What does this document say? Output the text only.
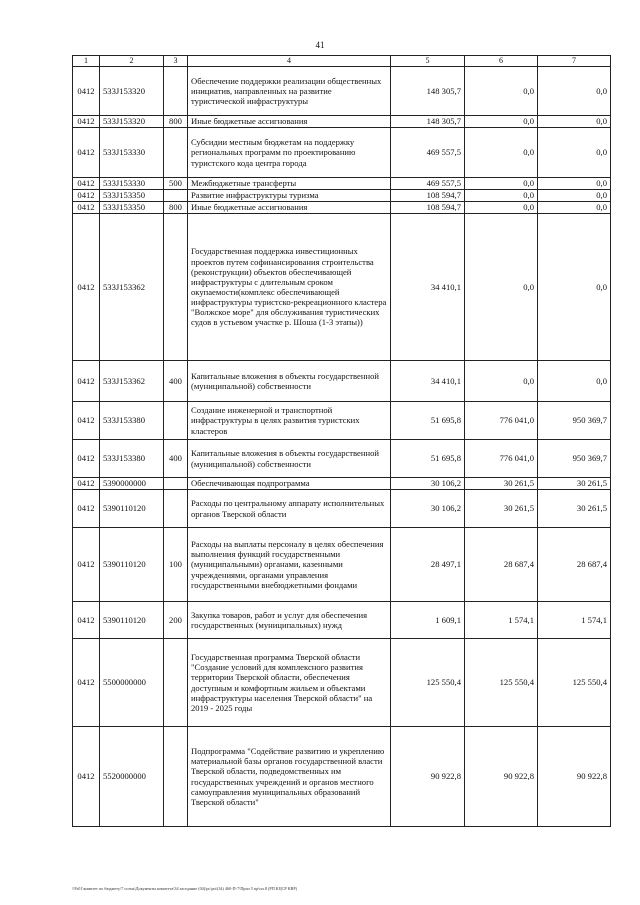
41
1	2	3	4	5	6	7
0412	533J153320		Обеспечение поддержки реализации общественных инициатив, направленных на развитие туристической инфраструктуры	148 305,7	0,0	0,0
0412	533J153320	800	Иные бюджетные ассигнования	148 305,7	0,0	0,0
0412	533J153330		Субсидии местным бюджетам на поддержку региональных программ по проектированию туристского кода центра города	469 557,5	0,0	0,0
0412	533J153330	500	Межбюджетные трансферты	469 557,5	0,0	0,0
0412	533J153350		Развитие инфраструктуры туризма	108 594,7	0,0	0,0
0412	533J153350	800	Иные бюджетные ассигнования	108 594,7	0,0	0,0
0412	533J153362		Государственная поддержка инвестиционных проектов путем софинансирования строительства (реконструкции) объектов обеспечивающей инфраструктуры с длительным сроком окупаемости(комплекс обеспечивающей инфраструктуры туристско-рекреационного кластера "Волжское море" для обслуживания туристических судов в устьевом участке р. Шоша (1-3 этапы))	34 410,1	0,0	0,0
0412	533J153362	400	Капитальные вложения в объекты государственной (муниципальной) собственности	34 410,1	0,0	0,0
0412	533J153380		Создание инженерной и транспортной инфраструктуры в целях развития туристских кластеров	51 695,8	776 041,0	950 369,7
0412	533J153380	400	Капитальные вложения в объекты государственной (муниципальной) собственности	51 695,8	776 041,0	950 369,7
0412	5390000000		Обеспечивающая подпрограмма	30 106,2	30 261,5	30 261,5
0412	5390110120		Расходы по центральному аппарату исполнительных органов Тверской области	30 106,2	30 261,5	30 261,5
0412	5390110120	100	Расходы на выплаты персоналу в целях обеспечения выполнения функций государственными (муниципальными) органами, казенными учреждениями, органами управления государственными внебюджетными фондами	28 497,1	28 687,4	28 687,4
0412	5390110120	200	Закупка товаров, работ и услуг для обеспечения государственных (муниципальных) нужд	1 609,1	1 574,1	1 574,1
0412	5500000000		Государственная программа Тверской области "Создание условий для комплексного развития территории Тверской области, обеспечения доступным и комфортным жильем и объектами инфраструктуры населения Тверской области" на 2019 - 2025 годы	125 550,4	125 550,4	125 550,4
0412	5520000000		Подпрограмма "Содействие развитию и укреплению материальной базы органов государственной власти Тверской области, подведомственных им государственных учреждений и органов местного самоуправления муниципальных образований Тверской области"	90 922,8	90 922,8	90 922,8
\\Fs01\комитет по бюджету\7 осень\Документы комитета\34 заседание (04)\рс\рп\(34) 460-П-7\Прил 5 пр\пл.8 (РП КЦСР КВР)
